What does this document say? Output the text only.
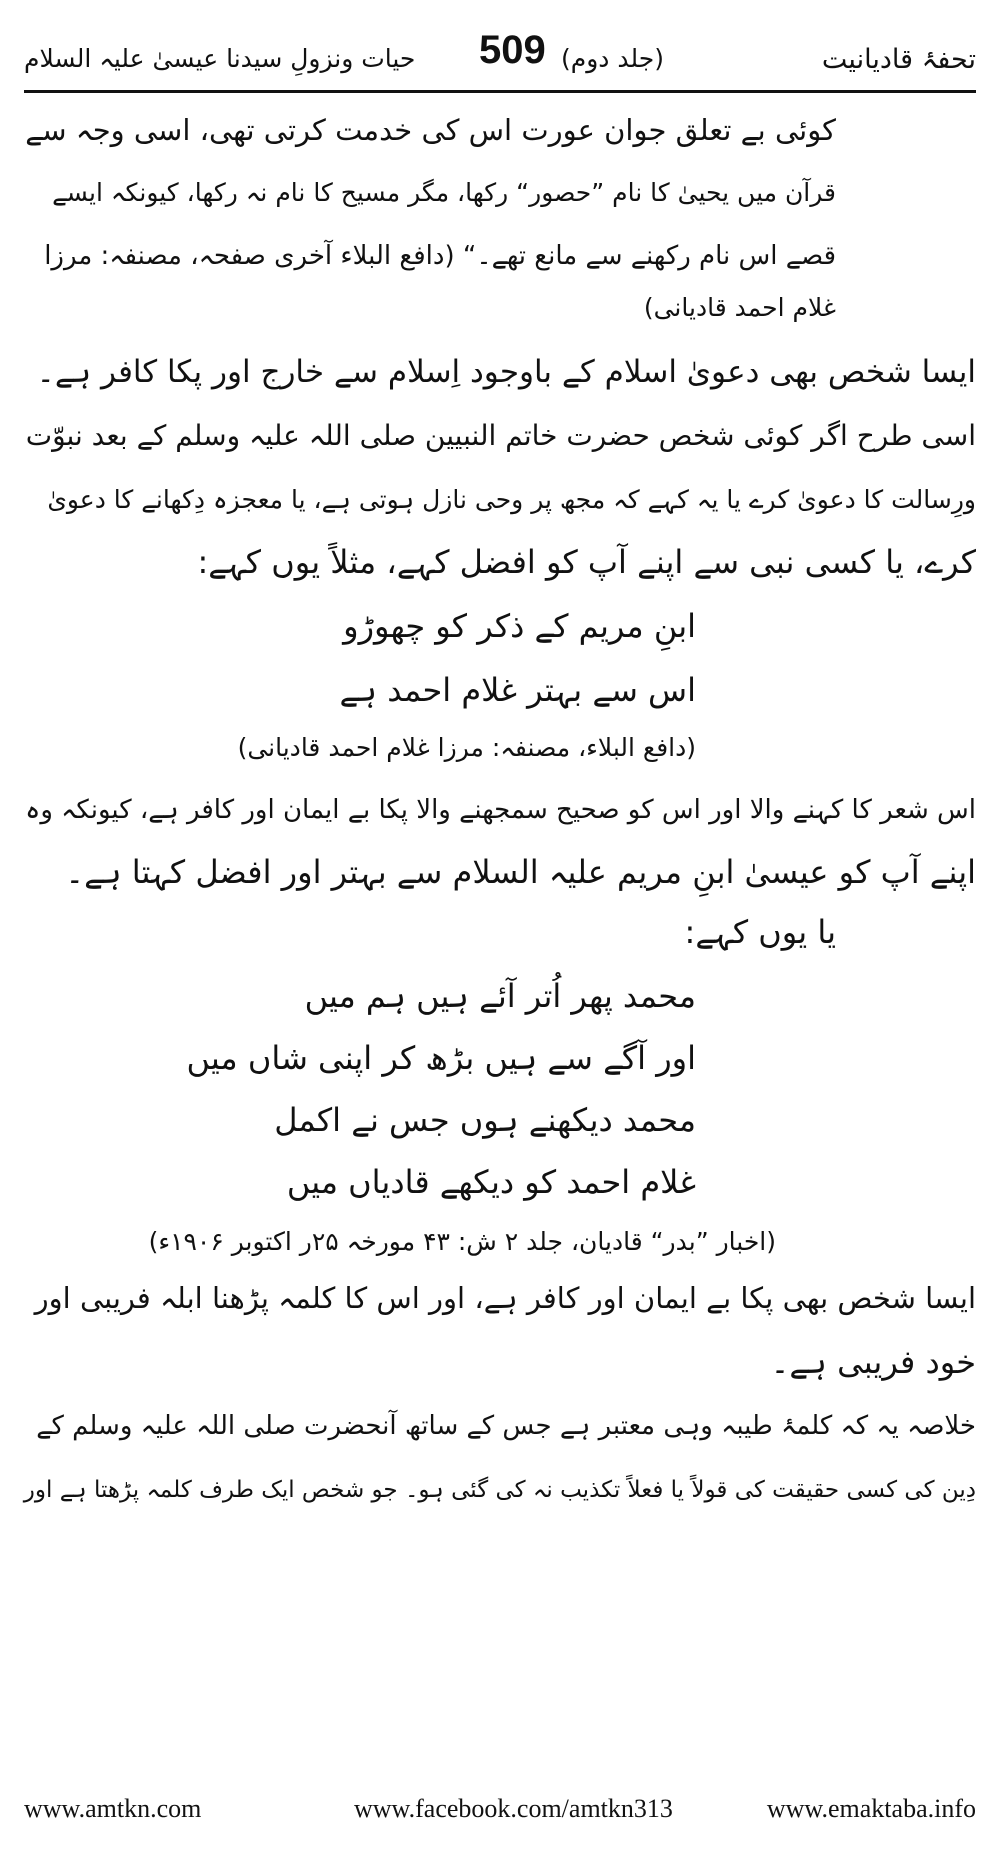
تحفۂ قادیانیت
(جلد دوم)
509
حیات ونزولِ سیدنا عیسیٰ علیہ السلام
کوئی بے تعلق جوان عورت اس کی خدمت کرتی تھی، اسی وجہ سے
قرآن میں یحییٰ کا نام ”حصور“ رکھا، مگر مسیح کا نام نہ رکھا، کیونکہ ایسے
قصے اس نام رکھنے سے مانع تھے۔“ (دافع البلاء آخری صفحہ، مصنفہ: مرزا
غلام احمد قادیانی)
ایسا شخص بھی دعویٰ اسلام کے باوجود اِسلام سے خارج اور پکا کافر ہے۔
اسی طرح اگر کوئی شخص حضرت خاتم النبیین صلی اللہ علیہ وسلم کے بعد نبوّت
ورِسالت کا دعویٰ کرے یا یہ کہے کہ مجھ پر وحی نازل ہوتی ہے، یا معجزہ دِکھانے کا دعویٰ
کرے، یا کسی نبی سے اپنے آپ کو افضل کہے، مثلاً یوں کہے:
ابنِ مریم کے ذکر کو چھوڑو
اس سے بہتر غلام احمد ہے
(دافع البلاء، مصنفہ: مرزا غلام احمد قادیانی)
اس شعر کا کہنے والا اور اس کو صحیح سمجھنے والا پکا بے ایمان اور کافر ہے، کیونکہ وہ
اپنے آپ کو عیسیٰ ابنِ مریم علیہ السلام سے بہتر اور افضل کہتا ہے۔
یا یوں کہے:
محمد پھر اُتر آئے ہیں ہم میں
اور آگے سے ہیں بڑھ کر اپنی شاں میں
محمد دیکھنے ہوں جس نے اکمل
غلام احمد کو دیکھے قادیاں میں
(اخبار ”بدر“ قادیان، جلد ۲ ش: ۴۳ مورخہ ۲۵ر اکتوبر ۱۹۰۶ء)
ایسا شخص بھی پکا بے ایمان اور کافر ہے، اور اس کا کلمہ پڑھنا ابلہ فریبی اور
خود فریبی ہے۔
خلاصہ یہ کہ کلمۂ طیبہ وہی معتبر ہے جس کے ساتھ آنحضرت صلی اللہ علیہ وسلم کے
دِین کی کسی حقیقت کی قولاً یا فعلاً تکذیب نہ کی گئی ہو۔ جو شخص ایک طرف کلمہ پڑھتا ہے اور
www.amtkn.com	www.facebook.com/amtkn313	www.emaktaba.info
